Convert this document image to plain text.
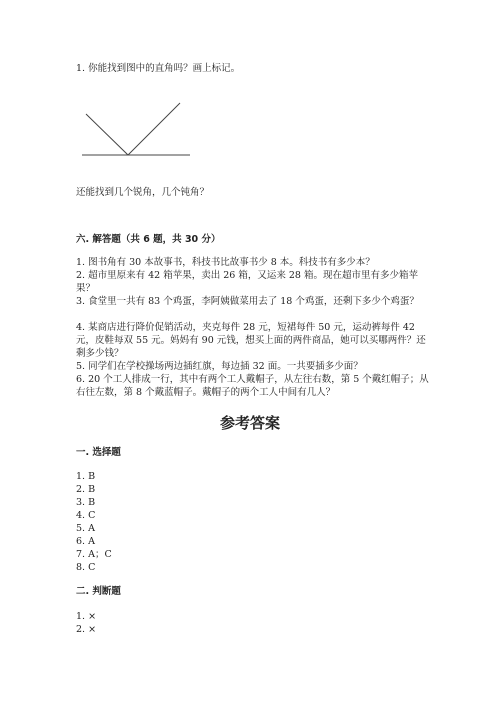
1. 你能找到图中的直角吗？画上标记。
还能找到几个锐角，几个钝角？
六. 解答题（共 6 题，共 30 分）
1. 图书角有 30 本故事书，科技书比故事书少 8 本。科技书有多少本？
2. 超市里原来有 42 箱苹果，卖出 26 箱，又运来 28 箱。现在超市里有多少箱苹果？
3. 食堂里一共有 83 个鸡蛋，李阿姨做菜用去了 18 个鸡蛋，还剩下多少个鸡蛋？
4. 某商店进行降价促销活动，夹克每件 28 元，短裙每件 50 元，运动裤每件 42 元，皮鞋每双 55 元。妈妈有 90 元钱，想买上面的两件商品，她可以买哪两件？还剩多少钱？
5. 同学们在学校操场两边插红旗，每边插 32 面。一共要插多少面？
6. 20 个工人排成一行，其中有两个工人戴帽子，从左往右数，第 5 个戴红帽子；从右往左数，第 8 个戴蓝帽子。戴帽子的两个工人中间有几人？
参考答案
一. 选择题
1. B
2. B
3. B
4. C
5. A
6. A
7. A；C
8. C
二. 判断题
1. ×
2. ×
